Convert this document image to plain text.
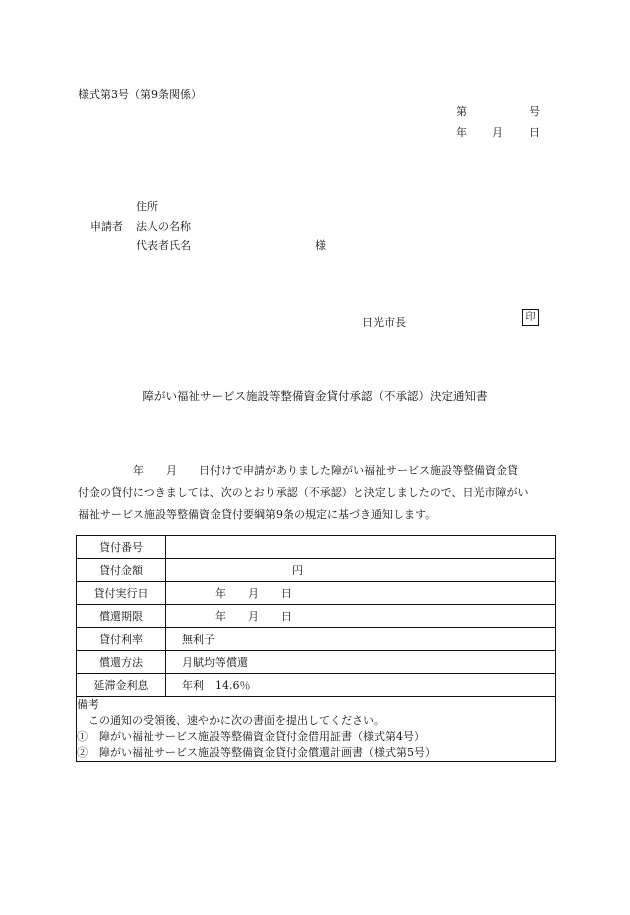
様式第3号（第9条関係）
第	号
年 月 日
住所
申請者 法人の名称
代表者氏名	様
日光市長	印
障がい福祉サービス施設等整備資金貸付承認（不承認）決定通知書

　　　　　年　　月　　日付けで申請がありました障がい福祉サービス施設等整備資金貸

付金の貸付につきましては、次のとおり承認（不承認）と決定しましたので、日光市障がい

福祉サービス施設等整備資金貸付要綱第9条の規定に基づき通知します。

貸付番号	
貸付金額	　　　　　　　　　　円
貸付実行日	　　　年　　月　　日
償還期限	　　　年　　月　　日
貸付利率	無利子
償還方法	月賦均等償還
延滞金利息	年利　14.6％

備考
　この通知の受領後、速やかに次の書面を提出してください。
①　障がい福祉サービス施設等整備資金貸付金借用証書（様式第4号）
②　障がい福祉サービス施設等整備資金貸付金償還計画書（様式第5号）	
